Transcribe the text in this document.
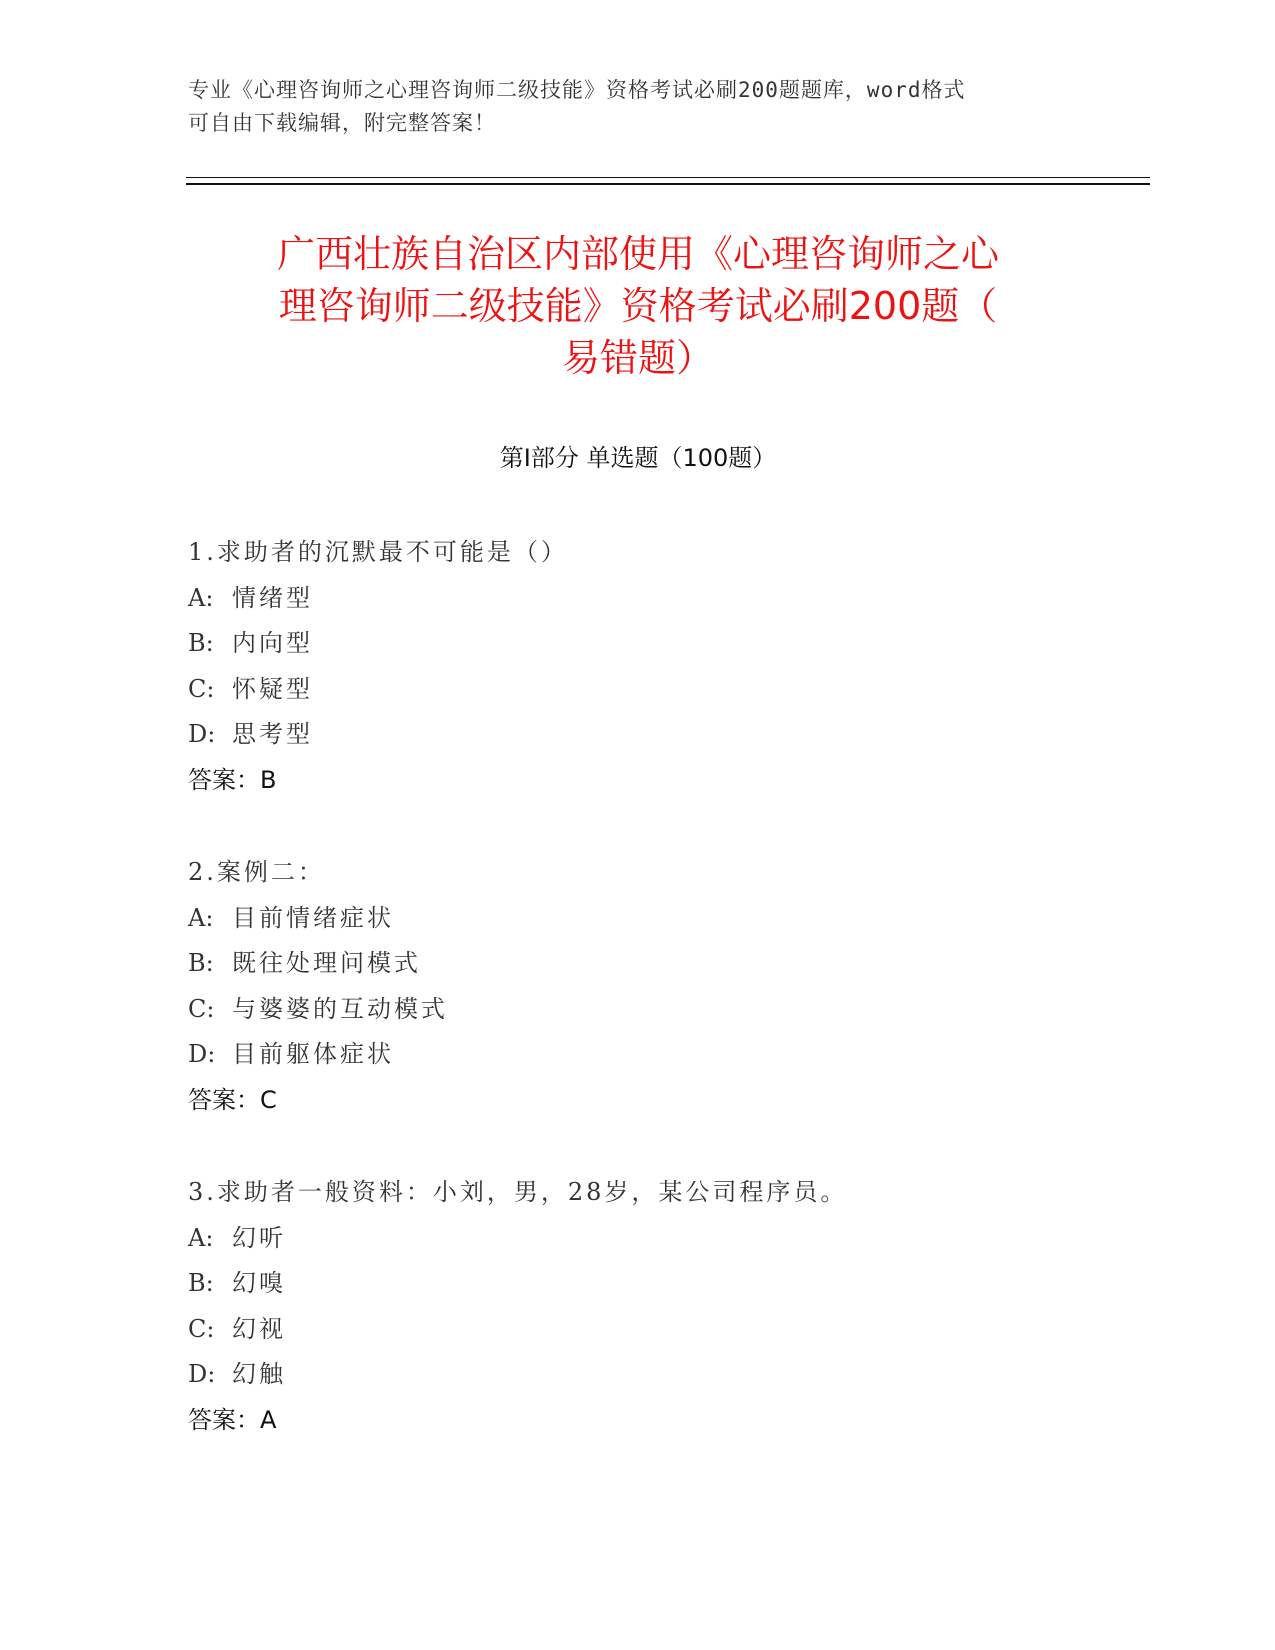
专业《心理咨询师之心理咨询师二级技能》资格考试必刷200题题库，word格式
可自由下载编辑，附完整答案！
广西壮族自治区内部使用《心理咨询师之心
理咨询师二级技能》资格考试必刷200题（
易错题）
第Ⅰ部分 单选题（100题）
1.求助者的沉默最不可能是（）
A: 情绪型
B: 内向型
C: 怀疑型
D: 思考型
答案：B
2.案例二：
A: 目前情绪症状
B: 既往处理问模式
C: 与婆婆的互动模式
D: 目前躯体症状
答案：C
3.求助者一般资料：小刘，男，28岁，某公司程序员。
A: 幻听
B: 幻嗅
C: 幻视
D: 幻触
答案：A
